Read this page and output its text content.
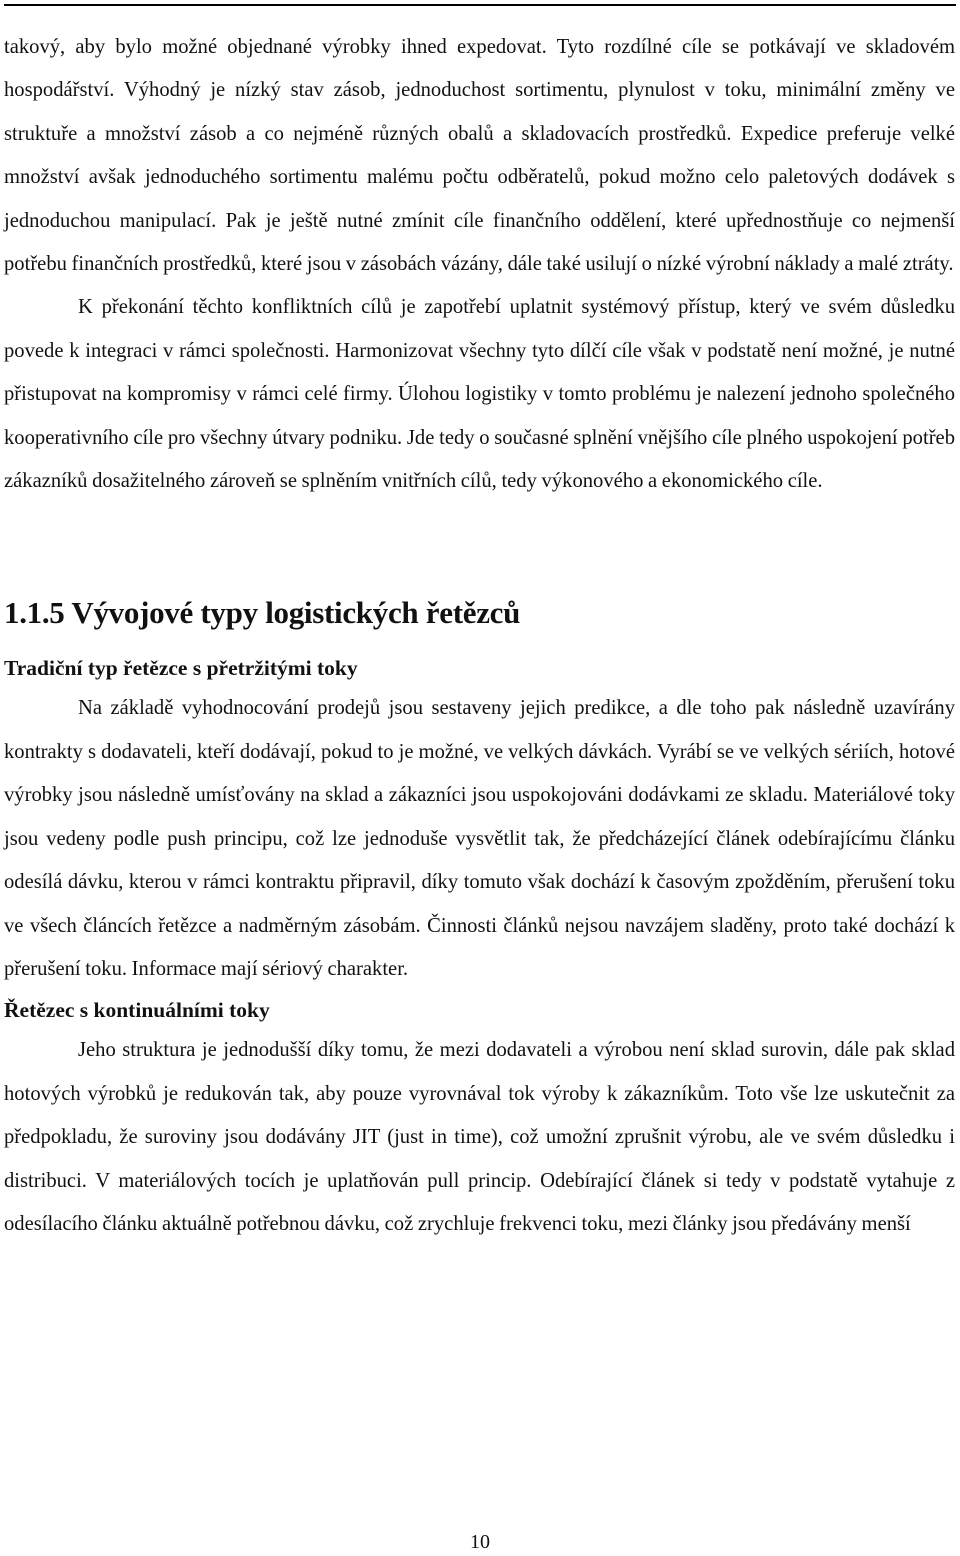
takový, aby bylo možné objednané výrobky ihned expedovat. Tyto rozdílné cíle se potkávají ve skladovém hospodářství. Výhodný je nízký stav zásob, jednoduchost sortimentu, plynulost v toku, minimální změny ve struktuře a množství zásob a co nejméně různých obalů a skladovacích prostředků. Expedice preferuje velké množství avšak jednoduchého sortimentu malému počtu odběratelů, pokud možno celo paletových dodávek s jednoduchou manipulací. Pak je ještě nutné zmínit cíle finančního oddělení, které upřednostňuje co nejmenší potřebu finančních prostředků, které jsou v zásobách vázány, dále také usilují o nízké výrobní náklady a malé ztráty.

K překonání těchto konfliktních cílů je zapotřebí uplatnit systémový přístup, který ve svém důsledku povede k integraci v rámci společnosti. Harmonizovat všechny tyto dílčí cíle však v podstatě není možné, je nutné přistupovat na kompromisy v rámci celé firmy. Úlohou logistiky v tomto problému je nalezení jednoho společného kooperativního cíle pro všechny útvary podniku. Jde tedy o současné splnění vnějšího cíle plného uspokojení potřeb zákazníků dosažitelného zároveň se splněním vnitřních cílů, tedy výkonového a ekonomického cíle.

1.1.5 Vývojové typy logistických řetězců
Tradiční typ řetězce s přetržitými toky

Na základě vyhodnocování prodejů jsou sestaveny jejich predikce, a dle toho pak následně uzavírány kontrakty s dodavateli, kteří dodávají, pokud to je možné, ve velkých dávkách. Vyrábí se ve velkých sériích, hotové výrobky jsou následně umísťovány na sklad a zákazníci jsou uspokojováni dodávkami ze skladu. Materiálové toky jsou vedeny podle push principu, což lze jednoduše vysvětlit tak, že předcházející článek odebírajícímu článku odesílá dávku, kterou v rámci kontraktu připravil, díky tomuto však dochází k časovým zpožděním, přerušení toku ve všech článcích řetězce a nadměrným zásobám. Činnosti článků nejsou navzájem sladěny, proto také dochází k přerušení toku. Informace mají sériový charakter.

Řetězec s kontinuálními toky

Jeho struktura je jednodušší díky tomu, že mezi dodavateli a výrobou není sklad surovin, dále pak sklad hotových výrobků je redukován tak, aby pouze vyrovnával tok výroby k zákazníkům. Toto vše lze uskutečnit za předpokladu, že suroviny jsou dodávány JIT (just in time), což umožní zprušnit výrobu, ale ve svém důsledku i distribuci. V materiálových tocích je uplatňován pull princip. Odebírající článek si tedy v podstatě vytahuje z odesílacího článku aktuálně potřebnou dávku, což zrychluje frekvenci toku, mezi články jsou předávány menší

10
